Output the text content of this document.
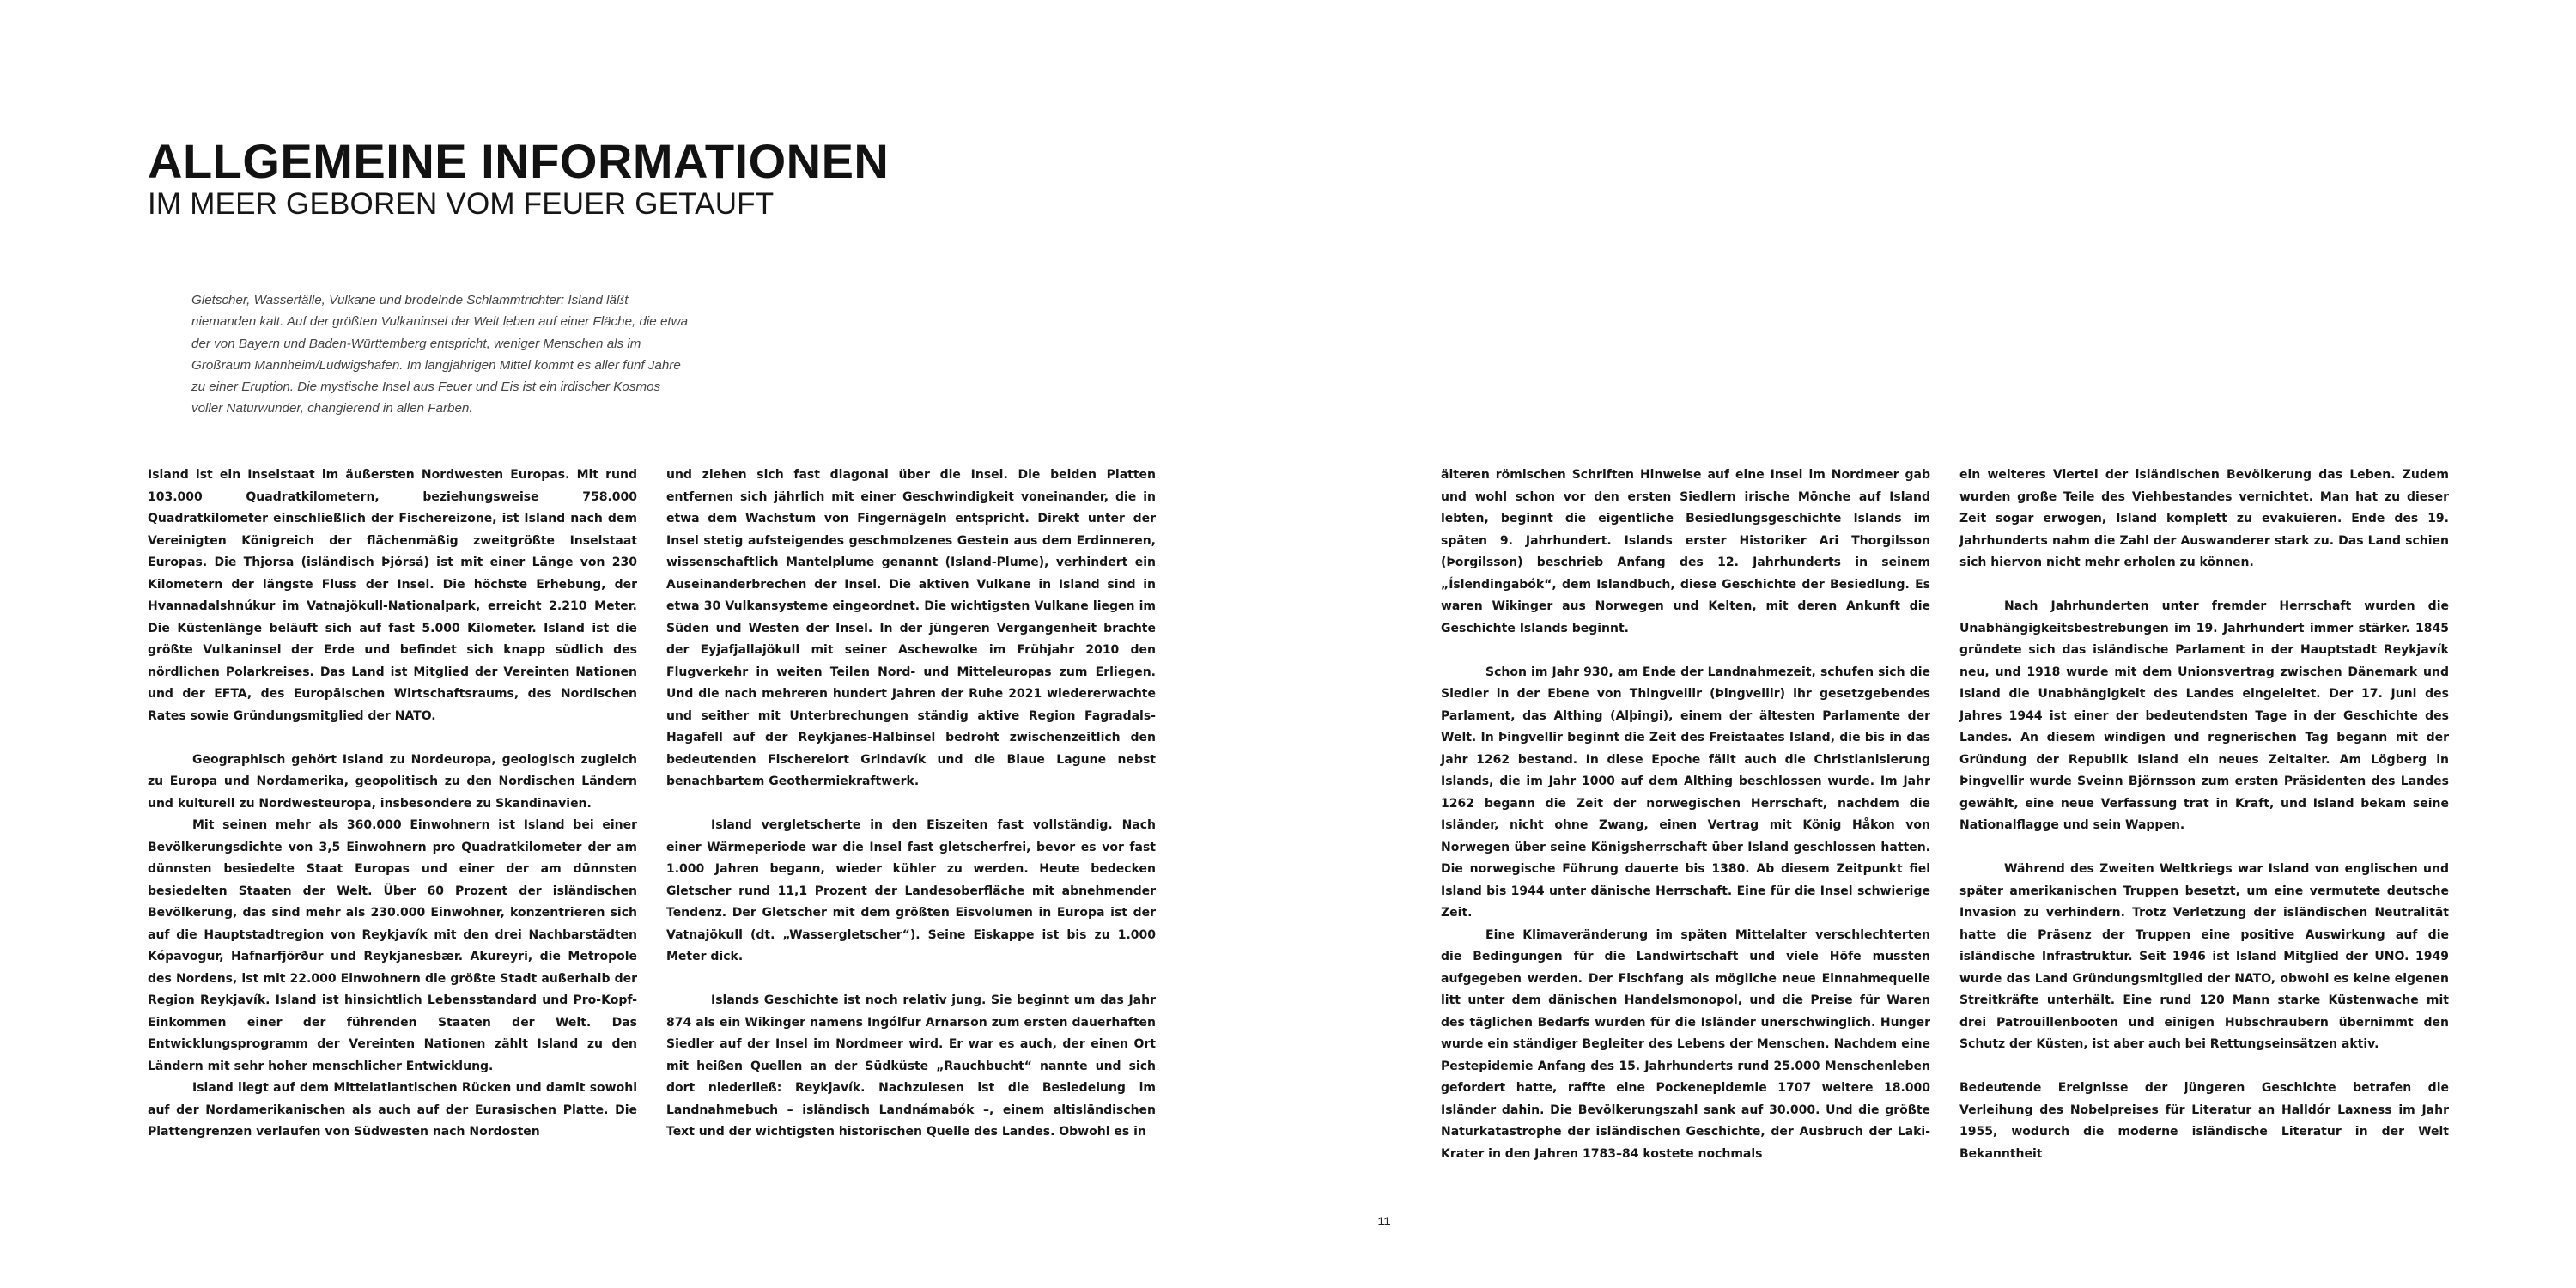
ALLGEMEINE INFORMATIONEN
IM MEER GEBOREN VOM FEUER GETAUFT

Gletscher, Wasserfälle, Vulkane und brodelnde Schlammtrichter: Island läßt niemanden kalt. Auf der größten Vulkaninsel der Welt leben auf einer Fläche, die etwa der von Bayern und Baden-Württemberg entspricht, weniger Menschen als im Großraum Mannheim/Ludwigshafen. Im langjährigen Mittel kommt es aller fünf Jahre zu einer Eruption. Die mystische Insel aus Feuer und Eis ist ein irdischer Kosmos voller Naturwunder, changierend in allen Farben.

Island ist ein Inselstaat im äußersten Nordwesten Europas. Mit rund 103.000 Quadratkilometern, beziehungsweise 758.000 Quadratkilometer einschließlich der Fischereizone, ist Island nach dem Vereinigten Königreich der flächenmäßig zweitgrößte Inselstaat Europas. Die Thjorsa (isländisch Þjórsá) ist mit einer Länge von 230 Kilometern der längste Fluss der Insel. Die höchste Erhebung, der Hvannadalshnúkur im Vatnajökull-Nationalpark, erreicht 2.210 Meter. Die Küstenlänge beläuft sich auf fast 5.000 Kilometer. Island ist die größte Vulkaninsel der Erde und befindet sich knapp südlich des nördlichen Polarkreises. Das Land ist Mitglied der Vereinten Nationen und der EFTA, des Europäischen Wirtschaftsraums, des Nordischen Rates sowie Gründungsmitglied der NATO.

Geographisch gehört Island zu Nordeuropa, geologisch zugleich zu Europa und Nordamerika, geopolitisch zu den Nordischen Ländern und kulturell zu Nordwesteuropa, insbesondere zu Skandinavien.

Mit seinen mehr als 360.000 Einwohnern ist Island bei einer Bevölkerungsdichte von 3,5 Einwohnern pro Quadratkilometer der am dünnsten besiedelte Staat Europas und einer der am dünnsten besiedelten Staaten der Welt. Über 60 Prozent der isländischen Bevölkerung, das sind mehr als 230.000 Einwohner, konzentrieren sich auf die Hauptstadtregion von Reykjavík mit den drei Nachbarstädten Kópavogur, Hafnarfjörður und Reykjanesbær. Akureyri, die Metropole des Nordens, ist mit 22.000 Einwohnern die größte Stadt außerhalb der Region Reykjavík. Island ist hinsichtlich Lebensstandard und Pro-Kopf-Einkommen einer der führenden Staaten der Welt. Das Entwicklungsprogramm der Vereinten Nationen zählt Island zu den Ländern mit sehr hoher menschlicher Entwicklung.

Island liegt auf dem Mittelatlantischen Rücken und damit sowohl auf der Nordamerikanischen als auch auf der Eurasischen Platte. Die Plattengrenzen verlaufen von Südwesten nach Nordosten

und ziehen sich fast diagonal über die Insel. Die beiden Platten entfernen sich jährlich mit einer Geschwindigkeit voneinander, die in etwa dem Wachstum von Fingernägeln entspricht. Direkt unter der Insel stetig aufsteigendes geschmolzenes Gestein aus dem Erdinneren, wissenschaftlich Mantelplume genannt (Island-Plume), verhindert ein Auseinanderbrechen der Insel. Die aktiven Vulkane in Island sind in etwa 30 Vulkansysteme eingeordnet. Die wichtigsten Vulkane liegen im Süden und Westen der Insel. In der jüngeren Vergangenheit brachte der Eyjafjallajökull mit seiner Aschewolke im Frühjahr 2010 den Flugverkehr in weiten Teilen Nord- und Mitteleuropas zum Erliegen. Und die nach mehreren hundert Jahren der Ruhe 2021 wiedererwachte und seither mit Unterbrechungen ständig aktive Region Fagradals-Hagafell auf der Reykjanes-Halbinsel bedroht zwischenzeitlich den bedeutenden Fischereiort Grindavík und die Blaue Lagune nebst benachbartem Geothermiekraftwerk.

Island vergletscherte in den Eiszeiten fast vollständig. Nach einer Wärmeperiode war die Insel fast gletscherfrei, bevor es vor fast 1.000 Jahren begann, wieder kühler zu werden. Heute bedecken Gletscher rund 11,1 Prozent der Landesoberfläche mit abnehmender Tendenz. Der Gletscher mit dem größten Eisvolumen in Europa ist der Vatnajökull (dt. „Wassergletscher“). Seine Eiskappe ist bis zu 1.000 Meter dick.

Islands Geschichte ist noch relativ jung. Sie beginnt um das Jahr 874 als ein Wikinger namens Ingólfur Arnarson zum ersten dauerhaften Siedler auf der Insel im Nordmeer wird. Er war es auch, der einen Ort mit heißen Quellen an der Südküste „Rauchbucht“ nannte und sich dort niederließ: Reykjavík. Nachzulesen ist die Besiedelung im Landnahmebuch – isländisch Landnámabók –, einem altisländischen Text und der wichtigsten historischen Quelle des Landes. Obwohl es in

älteren römischen Schriften Hinweise auf eine Insel im Nordmeer gab und wohl schon vor den ersten Siedlern irische Mönche auf Island lebten, beginnt die eigentliche Besiedlungsgeschichte Islands im späten 9. Jahrhundert. Islands erster Historiker Ari Thorgilsson (Þorgilsson) beschrieb Anfang des 12. Jahrhunderts in seinem „Íslendingabók“, dem Islandbuch, diese Geschichte der Besiedlung. Es waren Wikinger aus Norwegen und Kelten, mit deren Ankunft die Geschichte Islands beginnt.

Schon im Jahr 930, am Ende der Landnahmezeit, schufen sich die Siedler in der Ebene von Thingvellir (Þingvellir) ihr gesetzgebendes Parlament, das Althing (Alþingi), einem der ältesten Parlamente der Welt. In Þingvellir beginnt die Zeit des Freistaates Island, die bis in das Jahr 1262 bestand. In diese Epoche fällt auch die Christianisierung Islands, die im Jahr 1000 auf dem Althing beschlossen wurde. Im Jahr 1262 begann die Zeit der norwegischen Herrschaft, nachdem die Isländer, nicht ohne Zwang, einen Vertrag mit König Håkon von Norwegen über seine Königsherrschaft über Island geschlossen hatten. Die norwegische Führung dauerte bis 1380. Ab diesem Zeitpunkt fiel Island bis 1944 unter dänische Herrschaft. Eine für die Insel schwierige Zeit.

Eine Klimaveränderung im späten Mittelalter verschlechterten die Bedingungen für die Landwirtschaft und viele Höfe mussten aufgegeben werden. Der Fischfang als mögliche neue Einnahmequelle litt unter dem dänischen Handelsmonopol, und die Preise für Waren des täglichen Bedarfs wurden für die Isländer unerschwinglich. Hunger wurde ein ständiger Begleiter des Lebens der Menschen. Nachdem eine Pestepidemie Anfang des 15. Jahrhunderts rund 25.000 Menschenleben gefordert hatte, raffte eine Pockenepidemie 1707 weitere 18.000 Isländer dahin. Die Bevölkerungszahl sank auf 30.000. Und die größte Naturkatastrophe der isländischen Geschichte, der Ausbruch der Laki-Krater in den Jahren 1783–84 kostete nochmals

ein weiteres Viertel der isländischen Bevölkerung das Leben. Zudem wurden große Teile des Viehbestandes vernichtet. Man hat zu dieser Zeit sogar erwogen, Island komplett zu evakuieren. Ende des 19. Jahrhunderts nahm die Zahl der Auswanderer stark zu. Das Land schien sich hiervon nicht mehr erholen zu können.

Nach Jahrhunderten unter fremder Herrschaft wurden die Unabhängigkeitsbestrebungen im 19. Jahrhundert immer stärker. 1845 gründete sich das isländische Parlament in der Hauptstadt Reykjavík neu, und 1918 wurde mit dem Unionsvertrag zwischen Dänemark und Island die Unabhängigkeit des Landes eingeleitet. Der 17. Juni des Jahres 1944 ist einer der bedeutendsten Tage in der Geschichte des Landes. An diesem windigen und regnerischen Tag begann mit der Gründung der Republik Island ein neues Zeitalter. Am Lögberg in Þingvellir wurde Sveinn Björnsson zum ersten Präsidenten des Landes gewählt, eine neue Verfassung trat in Kraft, und Island bekam seine Nationalflagge und sein Wappen.

Während des Zweiten Weltkriegs war Island von englischen und später amerikanischen Truppen besetzt, um eine vermutete deutsche Invasion zu verhindern. Trotz Verletzung der isländischen Neutralität hatte die Präsenz der Truppen eine positive Auswirkung auf die isländische Infrastruktur. Seit 1946 ist Island Mitglied der UNO. 1949 wurde das Land Gründungsmitglied der NATO, obwohl es keine eigenen Streitkräfte unterhält. Eine rund 120 Mann starke Küstenwache mit drei Patrouillenbooten und einigen Hubschraubern übernimmt den Schutz der Küsten, ist aber auch bei Rettungseinsätzen aktiv.

Bedeutende Ereignisse der jüngeren Geschichte betrafen die Verleihung des Nobelpreises für Literatur an Halldór Laxness im Jahr 1955, wodurch die moderne isländische Literatur in der Welt Bekanntheit

11
